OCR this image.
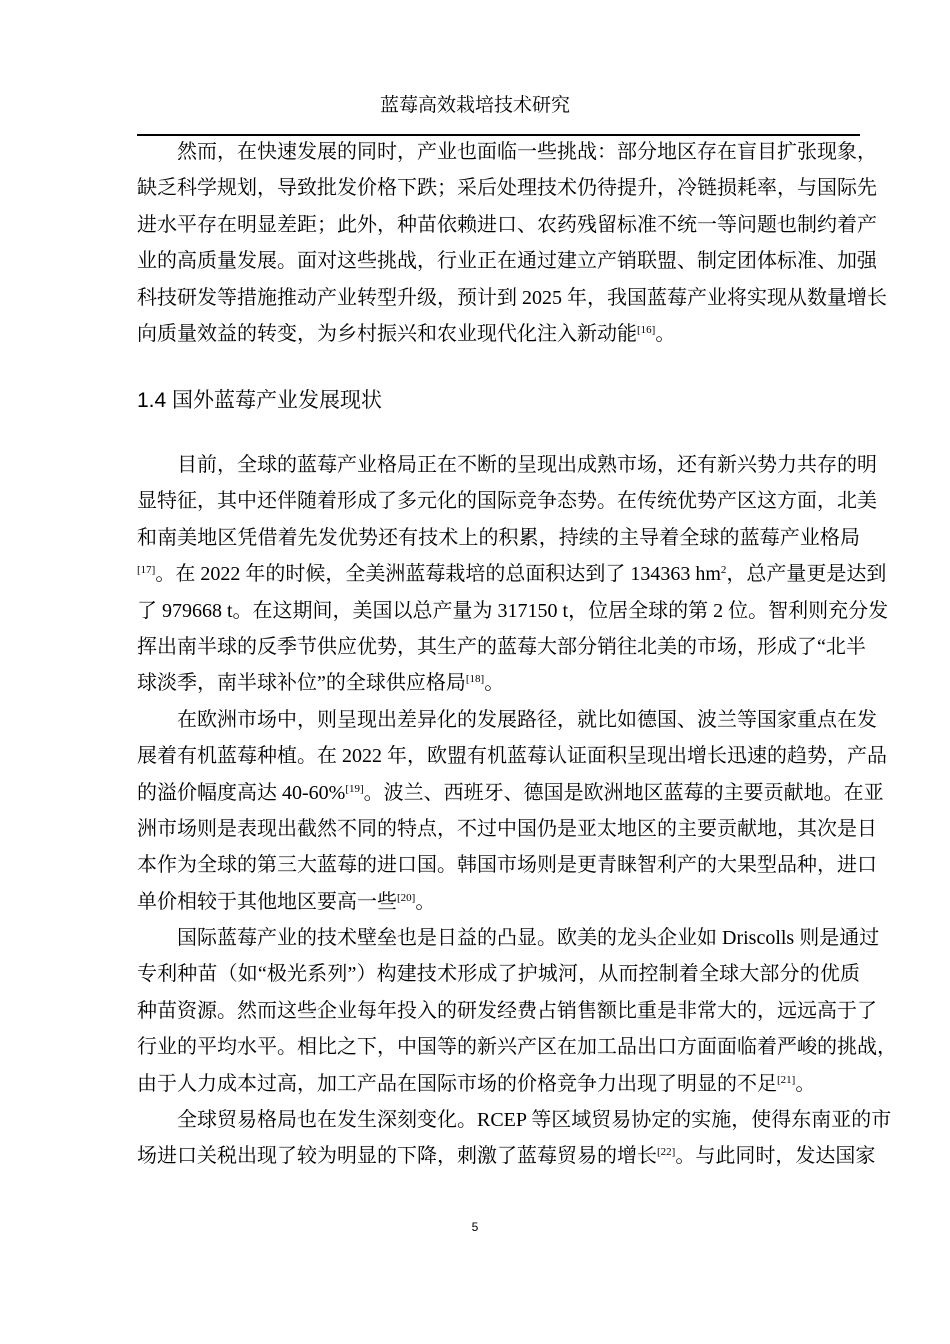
蓝莓高效栽培技术研究
然而，在快速发展的同时，产业也面临一些挑战：部分地区存在盲目扩张现象，
缺乏科学规划，导致批发价格下跌；采后处理技术仍待提升，冷链损耗率，与国际先
进水平存在明显差距；此外，种苗依赖进口、农药残留标准不统一等问题也制约着产
业的高质量发展。面对这些挑战，行业正在通过建立产销联盟、制定团体标准、加强
科技研发等措施推动产业转型升级，预计到 2025 年，我国蓝莓产业将实现从数量增长
向质量效益的转变，为乡村振兴和农业现代化注入新动能[16]。
1.4 国外蓝莓产业发展现状
目前，全球的蓝莓产业格局正在不断的呈现出成熟市场，还有新兴势力共存的明
显特征，其中还伴随着形成了多元化的国际竞争态势。在传统优势产区这方面，北美
和南美地区凭借着先发优势还有技术上的积累，持续的主导着全球的蓝莓产业格局
[17]。在 2022 年的时候，全美洲蓝莓栽培的总面积达到了 134363 $hm^2$，总产量更是达到
了 979668 t。在这期间，美国以总产量为 317150 t，位居全球的第 2 位。智利则充分发
挥出南半球的反季节供应优势，其生产的蓝莓大部分销往北美的市场，形成了“北半
球淡季，南半球补位”的全球供应格局[18]。
在欧洲市场中，则呈现出差异化的发展路径，就比如德国、波兰等国家重点在发
展着有机蓝莓种植。在 2022 年，欧盟有机蓝莓认证面积呈现出增长迅速的趋势，产品
的溢价幅度高达 40-60%[19]。波兰、西班牙、德国是欧洲地区蓝莓的主要贡献地。在亚
洲市场则是表现出截然不同的特点，不过中国仍是亚太地区的主要贡献地，其次是日
本作为全球的第三大蓝莓的进口国。韩国市场则是更青睐智利产的大果型品种，进口
单价相较于其他地区要高一些[20]。
国际蓝莓产业的技术壁垒也是日益的凸显。欧美的龙头企业如 Driscolls 则是通过
专利种苗（如“极光系列”）构建技术形成了护城河，从而控制着全球大部分的优质
种苗资源。然而这些企业每年投入的研发经费占销售额比重是非常大的，远远高于了
行业的平均水平。相比之下，中国等的新兴产区在加工品出口方面面临着严峻的挑战，
由于人力成本过高，加工产品在国际市场的价格竞争力出现了明显的不足[21]。
全球贸易格局也在发生深刻变化。RCEP 等区域贸易协定的实施，使得东南亚的市
场进口关税出现了较为明显的下降，刺激了蓝莓贸易的增长[22]。与此同时，发达国家
5
